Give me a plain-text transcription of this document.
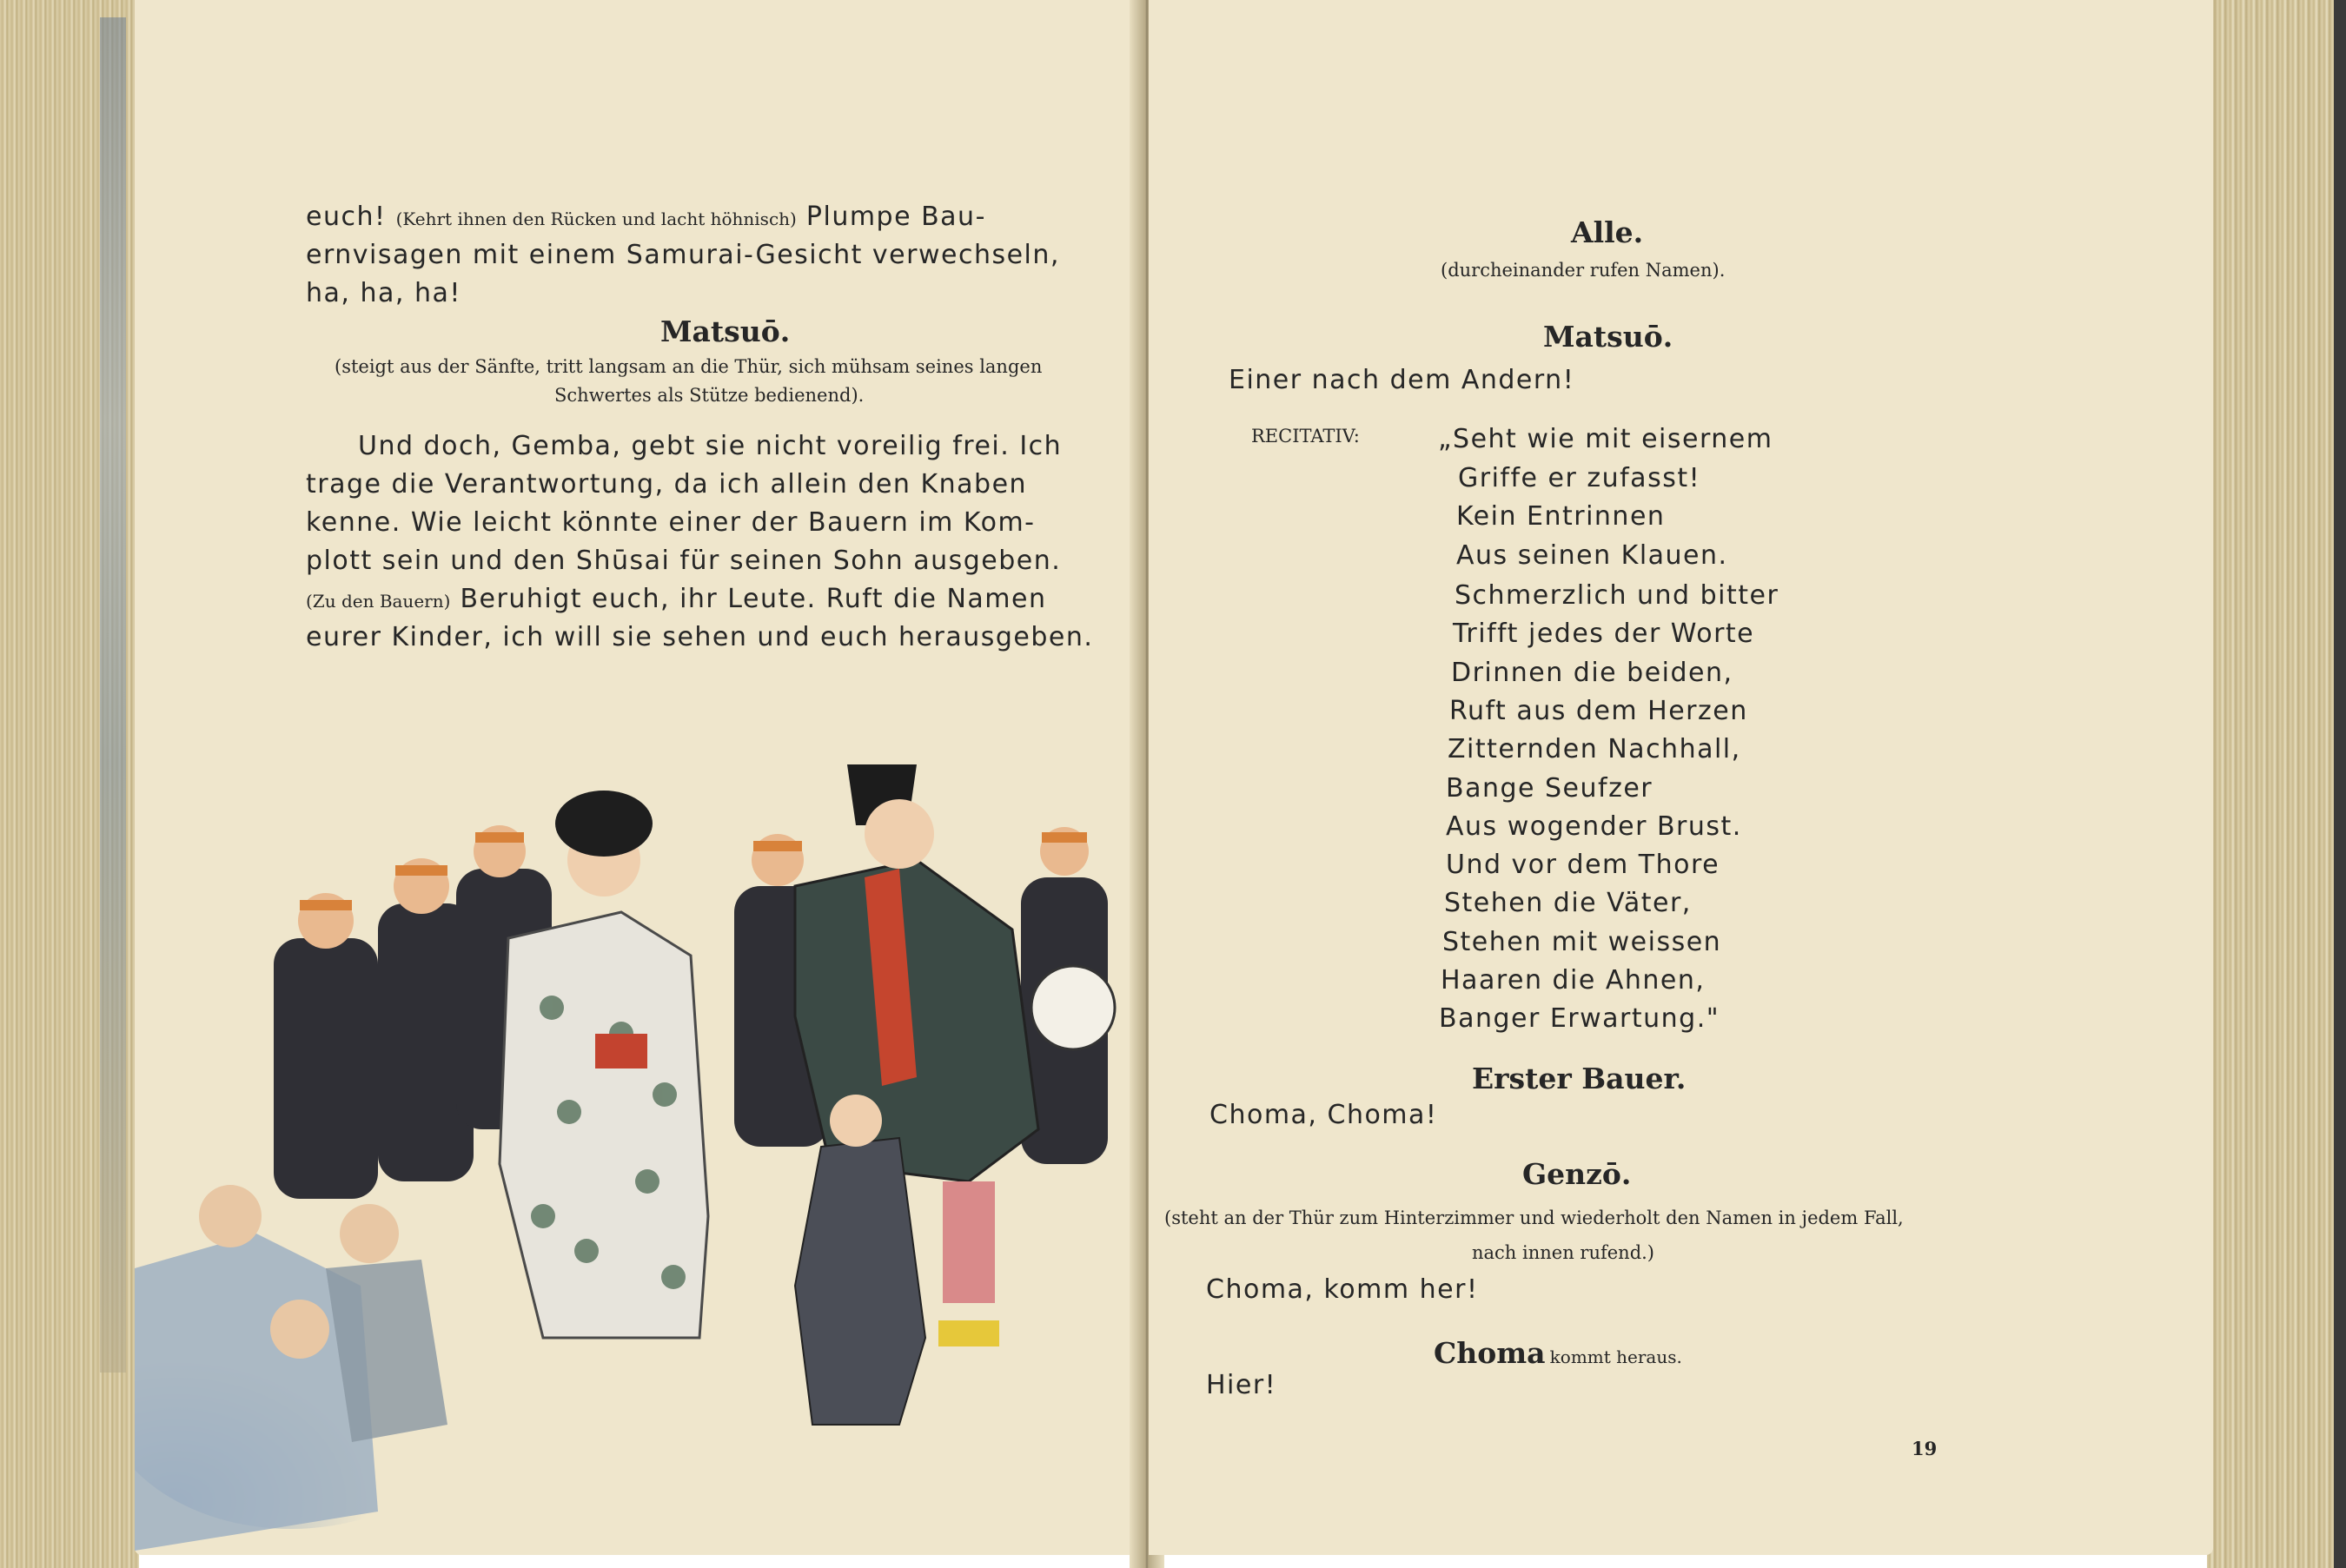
euch! (Kehrt ihnen den Rücken und lacht höhnisch) Plumpe Bau-
ernvisagen mit einem Samurai-Gesicht verwechseln,
ha, ha, ha!
Matsuō.
(steigt aus der Sänfte, tritt langsam an die Thür, sich mühsam seines langen
Schwertes als Stütze bedienend).
Und doch, Gemba, gebt sie nicht voreilig frei. Ich
trage die Verantwortung, da ich allein den Knaben
kenne. Wie leicht könnte einer der Bauern im Kom-
plott sein und den Shūsai für seinen Sohn ausgeben.
(Zu den Bauern) Beruhigt euch, ihr Leute. Ruft die Namen
eurer Kinder, ich will sie sehen und euch herausgeben.
Alle.
(durcheinander rufen Namen).
Matsuō.
Einer nach dem Andern!
RECITATIV:	„Seht wie mit eisernem
Griffe er zufasst!
Kein Entrinnen
Aus seinen Klauen.
Schmerzlich und bitter
Trifft jedes der Worte
Drinnen die beiden,
Ruft aus dem Herzen
Zitternden Nachhall,
Bange Seufzer
Aus wogender Brust.
Und vor dem Thore
Stehen die Väter,
Stehen mit weissen
Haaren die Ahnen,
Banger Erwartung."
Erster Bauer.
Choma, Choma!
Genzō.
(steht an der Thür zum Hinterzimmer und wiederholt den Namen in jedem Fall,
nach innen rufend.)
Choma, komm her!
Choma kommt heraus.
Hier!
19
